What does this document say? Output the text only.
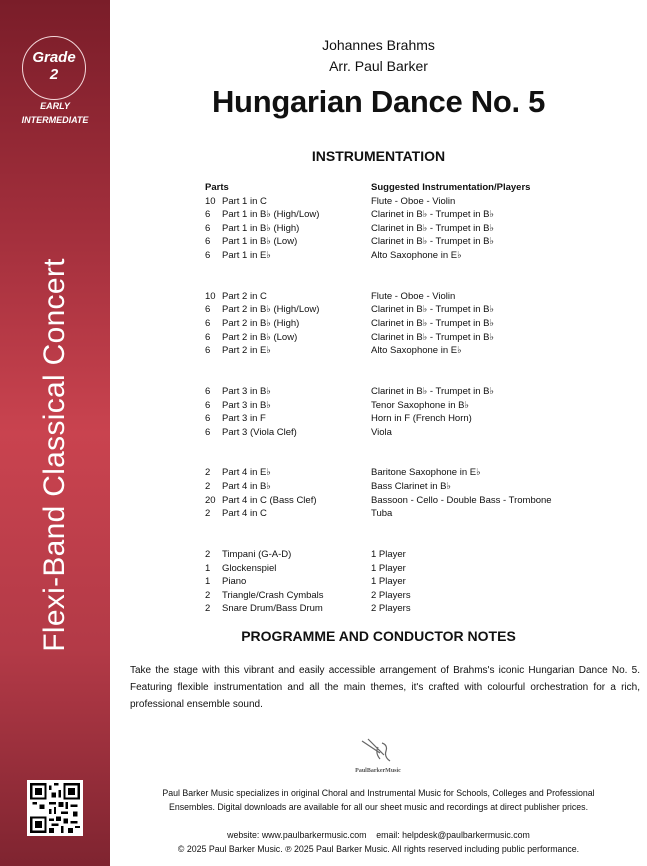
Grade
2
EARLY
INTERMEDIATE
Flexi-Band Classical Concert
Johannes Brahms
Arr. Paul Barker
Hungarian Dance No. 5
INSTRUMENTATION
Parts	Suggested Instrumentation/Players
10 Part 1 in C	Flute - Oboe - Violin
6 Part 1 in B♭ (High/Low)	Clarinet in B♭ - Trumpet in B♭
6 Part 1 in B♭ (High)	Clarinet in B♭ - Trumpet in B♭
6 Part 1 in B♭ (Low)	Clarinet in B♭ - Trumpet in B♭
6 Part 1 in E♭	Alto Saxophone in E♭
10 Part 2 in C	Flute - Oboe - Violin
6 Part 2 in B♭ (High/Low)	Clarinet in B♭ - Trumpet in B♭
6 Part 2 in B♭ (High)	Clarinet in B♭ - Trumpet in B♭
6 Part 2 in B♭ (Low)	Clarinet in B♭ - Trumpet in B♭
6 Part 2 in E♭	Alto Saxophone in E♭
6 Part 3 in B♭	Clarinet in B♭ - Trumpet in B♭
6 Part 3 in B♭	Tenor Saxophone in B♭
6 Part 3 in F	Horn in F (French Horn)
6 Part 3 (Viola Clef)	Viola
2 Part 4 in E♭	Baritone Saxophone in E♭
2 Part 4 in B♭	Bass Clarinet in B♭
20 Part 4 in C (Bass Clef)	Bassoon - Cello - Double Bass - Trombone
2 Part 4 in C	Tuba
2 Timpani (G-A-D)	1 Player
1 Glockenspiel	1 Player
1 Piano	1 Player
2 Triangle/Crash Cymbals	2 Players
2 Snare Drum/Bass Drum	2 Players
PROGRAMME AND CONDUCTOR NOTES
Take the stage with this vibrant and easily accessible arrangement of Brahms's iconic Hungarian Dance No. 5. Featuring flexible instrumentation and all the main themes, it's crafted with colourful orchestration for a rich, professional ensemble sound.
PaulBarkerMusic
Paul Barker Music specializes in original Choral and Instrumental Music for Schools, Colleges and Professional
Ensembles. Digital downloads are available for all our sheet music and recordings at direct publisher prices.
website: www.paulbarkermusic.com    email: helpdesk@paulbarkermusic.com
© 2025 Paul Barker Music. ℗ 2025 Paul Barker Music. All rights reserved including public performance.
